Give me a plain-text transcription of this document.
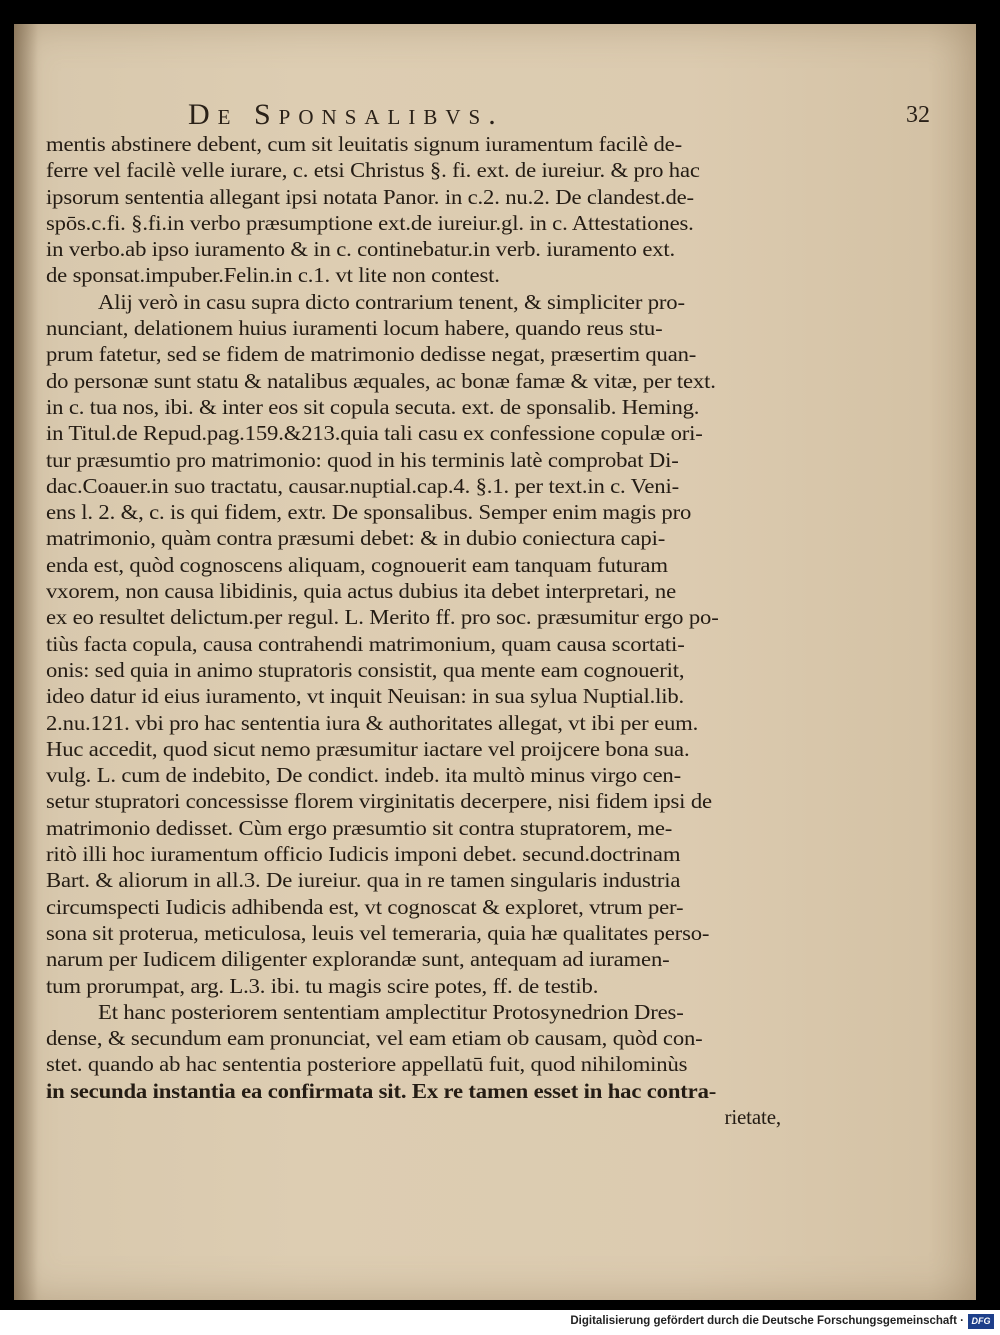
De Sponsalibvs.	32
mentis abstinere debent, cum sit leuitatis signum iuramentum facilè de-
ferre vel facilè velle iurare, c. etsi Christus §. fi. ext. de iureiur. & pro hac
ipsorum sententia allegant ipsi notata Panor. in c.2. nu.2. De clandest.de-
spōs.c.fi. §.fi.in verbo præsumptione ext.de iureiur.gl. in c. Attestationes.
in verbo.ab ipso iuramento & in c. continebatur.in verb. iuramento ext.
de sponsat.impuber.Felin.in c.1. vt lite non contest.
Alij verò in casu supra dicto contrarium tenent, & simpliciter pro-
nunciant, delationem huius iuramenti locum habere, quando reus stu-
prum fatetur, sed se fidem de matrimonio dedisse negat, præsertim quan-
do personæ sunt statu & natalibus æquales, ac bonæ famæ & vitæ, per text.
in c. tua nos, ibi. & inter eos sit copula secuta. ext. de sponsalib. Heming.
in Titul.de Repud.pag.159.&213.quia tali casu ex confessione copulæ ori-
tur præsumtio pro matrimonio: quod in his terminis latè comprobat Di-
dac.Coauer.in suo tractatu, causar.nuptial.cap.4. §.1. per text.in c. Veni-
ens l. 2. &, c. is qui fidem, extr. De sponsalibus. Semper enim magis pro
matrimonio, quàm contra præsumi debet: & in dubio coniectura capi-
enda est, quòd cognoscens aliquam, cognouerit eam tanquam futuram
vxorem, non causa libidinis, quia actus dubius ita debet interpretari, ne
ex eo resultet delictum.per regul. L. Merito ff. pro soc. præsumitur ergo po-
tiùs facta copula, causa contrahendi matrimonium, quam causa scortati-
onis: sed quia in animo stupratoris consistit, qua mente eam cognouerit,
ideo datur id eius iuramento, vt inquit Neuisan: in sua sylua Nuptial.lib.
2.nu.121. vbi pro hac sententia iura & authoritates allegat, vt ibi per eum.
Huc accedit, quod sicut nemo præsumitur iactare vel proijcere bona sua.
vulg. L. cum de indebito, De condict. indeb. ita multò minus virgo cen-
setur stupratori concessisse florem virginitatis decerpere, nisi fidem ipsi de
matrimonio dedisset. Cùm ergo præsumtio sit contra stupratorem, me-
ritò illi hoc iuramentum officio Iudicis imponi debet. secund.doctrinam
Bart. & aliorum in all.3. De iureiur. qua in re tamen singularis industria
circumspecti Iudicis adhibenda est, vt cognoscat & exploret, vtrum per-
sona sit proterua, meticulosa, leuis vel temeraria, quia hæ qualitates perso-
narum per Iudicem diligenter explorandæ sunt, antequam ad iuramen-
tum prorumpat, arg. L.3. ibi. tu magis scire potes, ff. de testib.
Et hanc posteriorem sententiam amplectitur Protosynedrion Dres-
dense, & secundum eam pronunciat, vel eam etiam ob causam, quòd con-
stet. quando ab hac sententia posteriore appellatū fuit, quod nihilominùs
in secunda instantia ea confirmata sit. Ex re tamen esset in hac contra-
rietate,
Digitalisierung gefördert durch die Deutsche Forschungsgemeinschaft · DFG
